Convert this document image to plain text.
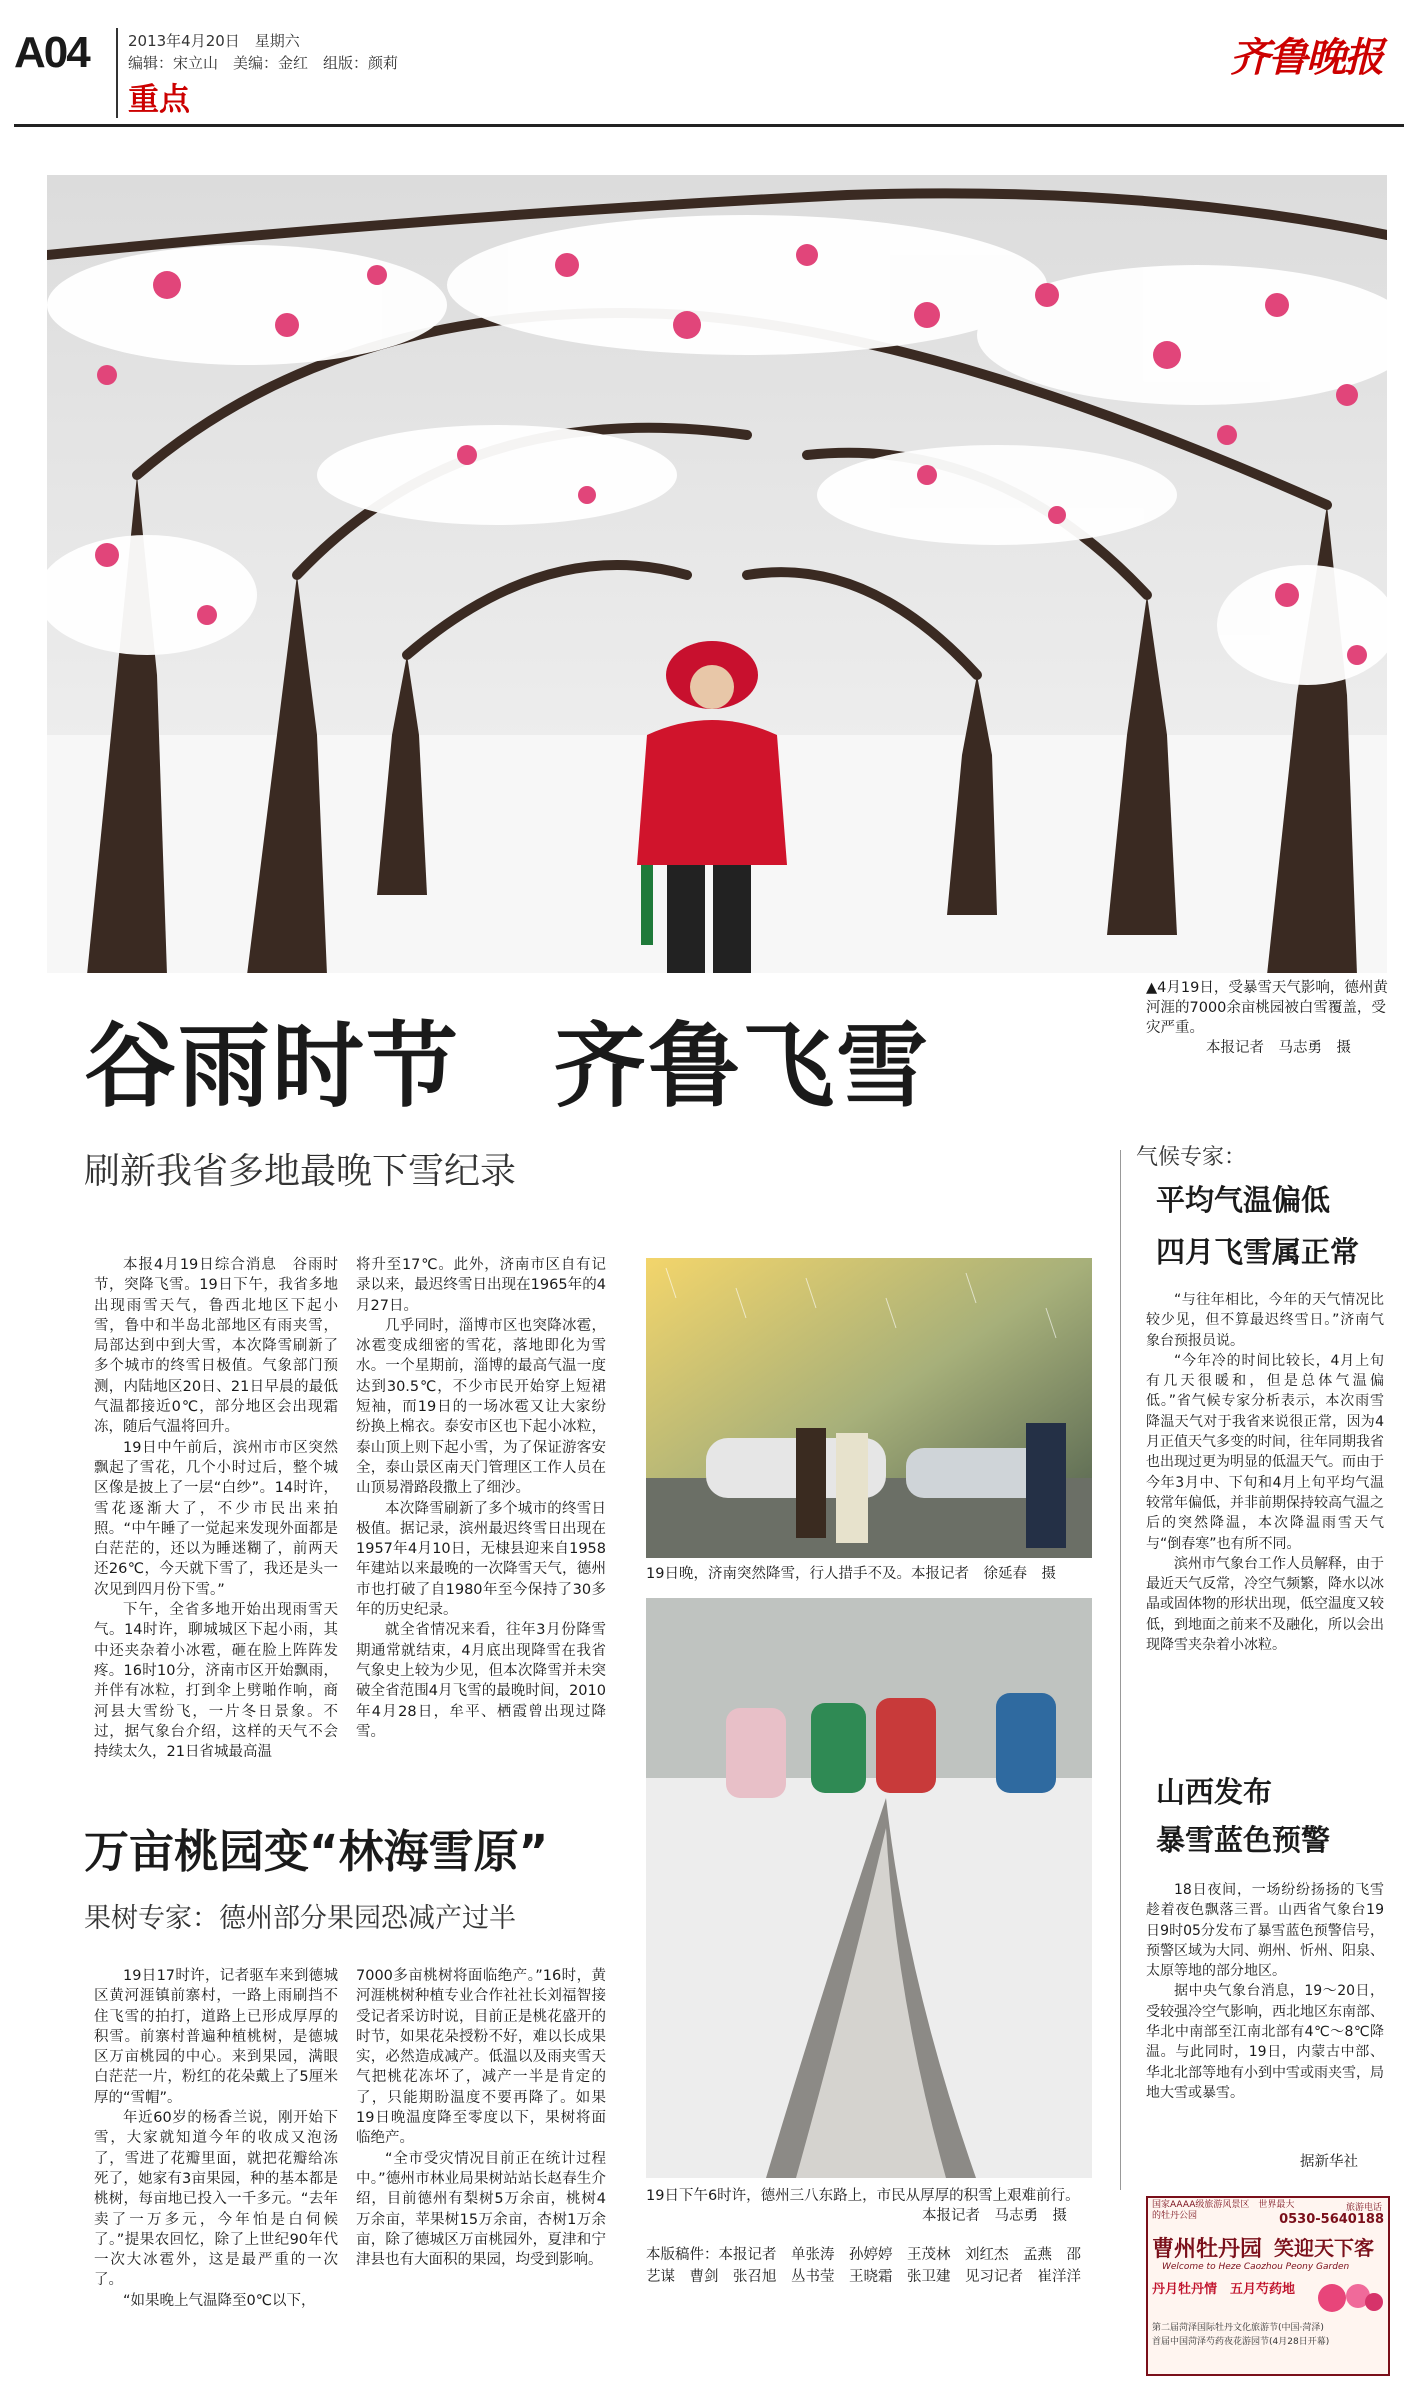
A04	2013年4月20日　星期六
编辑：宋立山　美编：金红　组版：颜莉
重点
齐鲁晚报
▲4月19日，受暴雪天气影响，德州黄河涯的7000余亩桃园被白雪覆盖，受灾严重。
本报记者　马志勇　摄
谷雨时节　齐鲁飞雪
刷新我省多地最晚下雪纪录

本报4月19日综合消息　谷雨时节，突降飞雪。19日下午，我省多地出现雨雪天气，鲁西北地区下起小雪，鲁中和半岛北部地区有雨夹雪，局部达到中到大雪，本次降雪刷新了多个城市的终雪日极值。气象部门预测，内陆地区20日、21日早晨的最低气温都接近0℃，部分地区会出现霜冻，随后气温将回升。

19日中午前后，滨州市市区突然飘起了雪花，几个小时过后，整个城区像是披上了一层“白纱”。14时许，雪花逐渐大了，不少市民出来拍照。“中午睡了一觉起来发现外面都是白茫茫的，还以为睡迷糊了，前两天还26℃，今天就下雪了，我还是头一次见到四月份下雪。”

下午，全省多地开始出现雨雪天气。14时许，聊城城区下起小雨，其中还夹杂着小冰雹，砸在脸上阵阵发疼。16时10分，济南市区开始飘雨，并伴有冰粒，打到伞上劈啪作响，商河县大雪纷飞，一片冬日景象。不过，据气象台介绍，这样的天气不会持续太久，21日省城最高温

将升至17℃。此外，济南市区自有记录以来，最迟终雪日出现在1965年的4月27日。

几乎同时，淄博市区也突降冰雹，冰雹变成细密的雪花，落地即化为雪水。一个星期前，淄博的最高气温一度达到30.5℃，不少市民开始穿上短裙短袖，而19日的一场冰雹又让大家纷纷换上棉衣。泰安市区也下起小冰粒，泰山顶上则下起小雪，为了保证游客安全，泰山景区南天门管理区工作人员在山顶易滑路段撒上了细沙。

本次降雪刷新了多个城市的终雪日极值。据记录，滨州最迟终雪日出现在1957年4月10日，无棣县迎来自1958年建站以来最晚的一次降雪天气，德州市也打破了自1980年至今保持了30多年的历史纪录。

就全省情况来看，往年3月份降雪期通常就结束，4月底出现降雪在我省气象史上较为少见，但本次降雪并未突破全省范围4月飞雪的最晚时间，2010年4月28日，牟平、栖霞曾出现过降雪。

19日晚，济南突然降雪，行人措手不及。本报记者　徐延春　摄
19日下午6时许，德州三八东路上，市民从厚厚的积雪上艰难前行。
本报记者　马志勇　摄
万亩桃园变“林海雪原”
果树专家：德州部分果园恐减产过半

19日17时许，记者驱车来到德城区黄河涯镇前寨村，一路上雨刷挡不住飞雪的拍打，道路上已形成厚厚的积雪。前寨村普遍种植桃树，是德城区万亩桃园的中心。来到果园，满眼白茫茫一片，粉红的花朵戴上了5厘米厚的“雪帽”。

年近60岁的杨香兰说，刚开始下雪，大家就知道今年的收成又泡汤了，雪进了花瓣里面，就把花瓣给冻死了，她家有3亩果园，种的基本都是桃树，每亩地已投入一千多元。“去年卖了一万多元，今年怕是白伺候了。”提果农回忆，除了上世纪90年代一次大冰雹外，这是最严重的一次了。

“如果晚上气温降至0℃以下，

7000多亩桃树将面临绝产。”16时，黄河涯桃树种植专业合作社社长刘福智接受记者采访时说，目前正是桃花盛开的时节，如果花朵授粉不好，难以长成果实，必然造成减产。低温以及雨夹雪天气把桃花冻坏了，减产一半是肯定的了，只能期盼温度不要再降了。如果19日晚温度降至零度以下，果树将面临绝产。

“全市受灾情况目前正在统计过程中。”德州市林业局果树站站长赵春生介绍，目前德州有梨树5万余亩，桃树4万余亩，苹果树15万余亩，杏树1万余亩，除了德城区万亩桃园外，夏津和宁津县也有大面积的果园，均受到影响。	本版稿件：本报记者　单张涛　孙婷婷　王茂林　刘红杰　孟燕　邵艺谋　曹剑　张召旭　丛书莹　王晓霜　张卫建　见习记者　崔洋洋
气候专家：
平均气温偏低
四月飞雪属正常

“与往年相比，今年的天气情况比较少见，但不算最迟终雪日。”济南气象台预报员说。

“今年冷的时间比较长，4月上旬有几天很暖和，但是总体气温偏低。”省气候专家分析表示，本次雨雪降温天气对于我省来说很正常，因为4月正值天气多变的时间，往年同期我省也出现过更为明显的低温天气。而由于今年3月中、下旬和4月上旬平均气温较常年偏低，并非前期保持较高气温之后的突然降温，本次降温雨雪天气与“倒春寒”也有所不同。

滨州市气象台工作人员解释，由于最近天气反常，冷空气频繁，降水以冰晶或固体物的形状出现，低空温度又较低，到地面之前来不及融化，所以会出现降雪夹杂着小冰粒。

山西发布
暴雪蓝色预警

18日夜间，一场纷纷扬扬的飞雪趁着夜色飘落三晋。山西省气象台19日9时05分发布了暴雪蓝色预警信号，预警区域为大同、朔州、忻州、阳泉、太原等地的部分地区。

据中央气象台消息，19～20日，受较强冷空气影响，西北地区东南部、华北中南部至江南北部有4℃～8℃降温。与此同时，19日，内蒙古中部、华北北部等地有小到中雪或雨夹雪，局地大雪或暴雪。

据新华社
国家AAAA级旅游风景区　世界最大的牡丹公园
旅游电话
0530-5640188
曹州牡丹园 笑迎天下客
Welcome to Heze Caozhou Peony Garden
丹月牡丹情　五月芍药地
第二届菏泽国际牡丹文化旅游节(中国·菏泽)
首届中国菏泽芍药夜花游园节(4月28日开幕)
